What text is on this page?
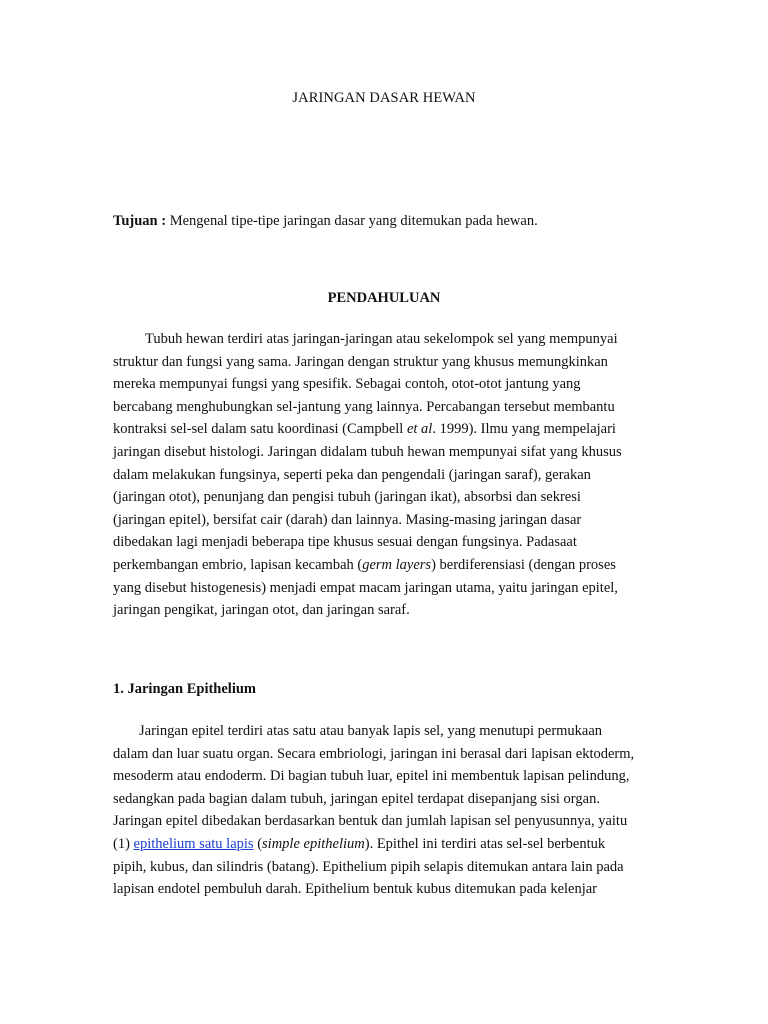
JARINGAN DASAR HEWAN
Tujuan : Mengenal tipe-tipe jaringan dasar yang ditemukan pada hewan.
PENDAHULUAN
Tubuh hewan terdiri atas jaringan-jaringan atau sekelompok sel yang mempunyai
struktur dan fungsi yang sama. Jaringan dengan struktur yang khusus memungkinkan
mereka mempunyai fungsi yang spesifik. Sebagai contoh, otot-otot jantung yang
bercabang menghubungkan sel-jantung yang lainnya. Percabangan tersebut membantu
kontraksi sel-sel dalam satu koordinasi (Campbell et al. 1999). Ilmu yang mempelajari
jaringan disebut histologi. Jaringan didalam tubuh hewan mempunyai sifat yang khusus
dalam melakukan fungsinya, seperti peka dan pengendali (jaringan saraf), gerakan
(jaringan otot), penunjang dan pengisi tubuh (jaringan ikat), absorbsi dan sekresi
(jaringan epitel), bersifat cair (darah) dan lainnya. Masing-masing jaringan dasar
dibedakan lagi menjadi beberapa tipe khusus sesuai dengan fungsinya. Padasaat
perkembangan embrio, lapisan kecambah (germ layers) berdiferensiasi (dengan proses
yang disebut histogenesis) menjadi empat macam jaringan utama, yaitu jaringan epitel,
jaringan pengikat, jaringan otot, dan jaringan saraf.
1. Jaringan Epithelium
Jaringan epitel terdiri atas satu atau banyak lapis sel, yang menutupi permukaan
dalam dan luar suatu organ. Secara embriologi, jaringan ini berasal dari lapisan ektoderm,
mesoderm atau endoderm. Di bagian tubuh luar, epitel ini membentuk lapisan pelindung,
sedangkan pada bagian dalam tubuh, jaringan epitel terdapat disepanjang sisi organ.
Jaringan epitel dibedakan berdasarkan bentuk dan jumlah lapisan sel penyusunnya, yaitu
(1) epithelium satu lapis (simple epithelium). Epithel ini terdiri atas sel-sel berbentuk
pipih, kubus, dan silindris (batang). Epithelium pipih selapis ditemukan antara lain pada
lapisan endotel pembuluh darah. Epithelium bentuk kubus ditemukan pada kelenjar
